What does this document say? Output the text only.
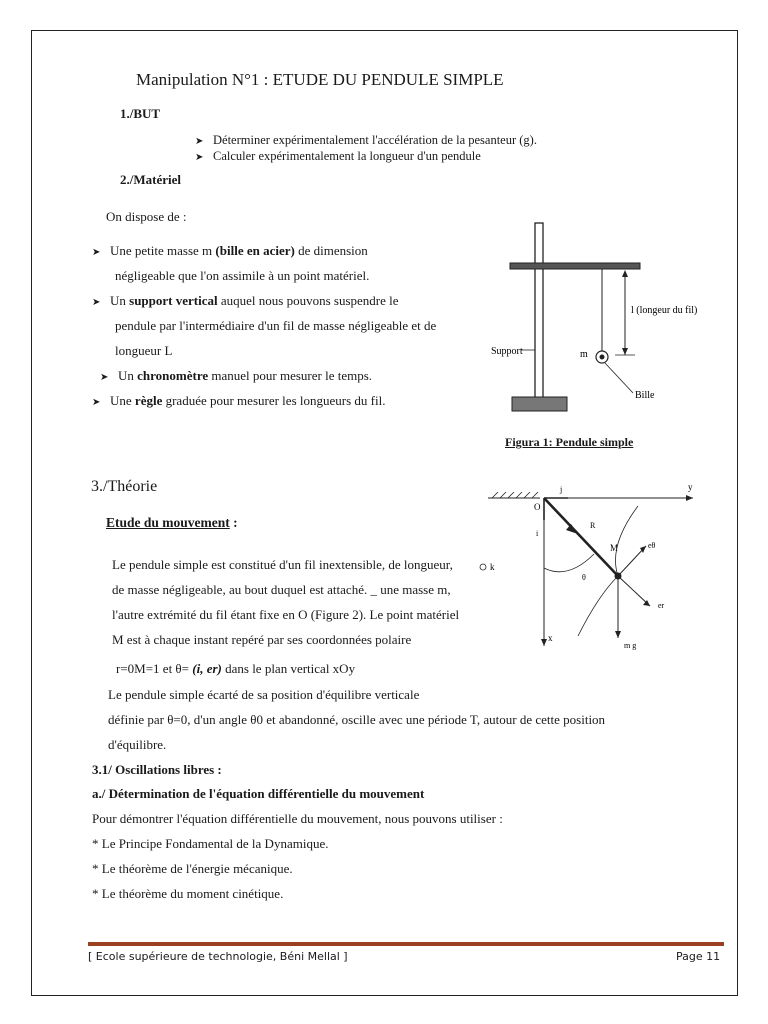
Manipulation N°1 : ETUDE DU PENDULE SIMPLE
1./BUT
➤ Déterminer expérimentalement l'accélération de la pesanteur (g).
➤ Calculer expérimentalement la longueur d'un pendule
2./Matériel
On dispose de :
➤ Une petite masse m (bille en acier) de dimension
négligeable que l'on assimile à un point matériel.
➤ Un support vertical auquel nous pouvons suspendre le
pendule par l'intermédiaire d'un fil de masse négligeable et de
longueur L
➤ Un chronomètre manuel pour mesurer le temps.
➤ Une règle graduée pour mesurer les longueurs du fil.
l (longeur du fil)
Support	m
Bille
Figura 1: Pendule simple
3./Théorie
Etude du mouvement :
Le pendule simple est constitué d'un fil inextensible, de longueur,
de masse négligeable, au bout duquel est attaché. _ une masse m,
l'autre extrémité du fil étant fixe en O (Figure 2). Le point matériel
M est à chaque instant repéré par ses coordonnées polaire
r=0M=1 et θ= (i, er) dans le plan vertical xOy
Le pendule simple écarté de sa position d'équilibre verticale
définie par θ=0, d'un angle θ0 et abandonné, oscille avec une période T, autour de cette position
d'équilibre.
y
x
O
i
j
k
R
M
θ
eθ
er
m g
3.1/ Oscillations libres :
a./ Détermination de l'équation différentielle du mouvement
Pour démontrer l'équation différentielle du mouvement, nous pouvons utiliser :
* Le Principe Fondamental de la Dynamique.
* Le théorème de l'énergie mécanique.
* Le théorème du moment cinétique.
[ Ecole supérieure de technologie, Béni Mellal ]	Page 11
